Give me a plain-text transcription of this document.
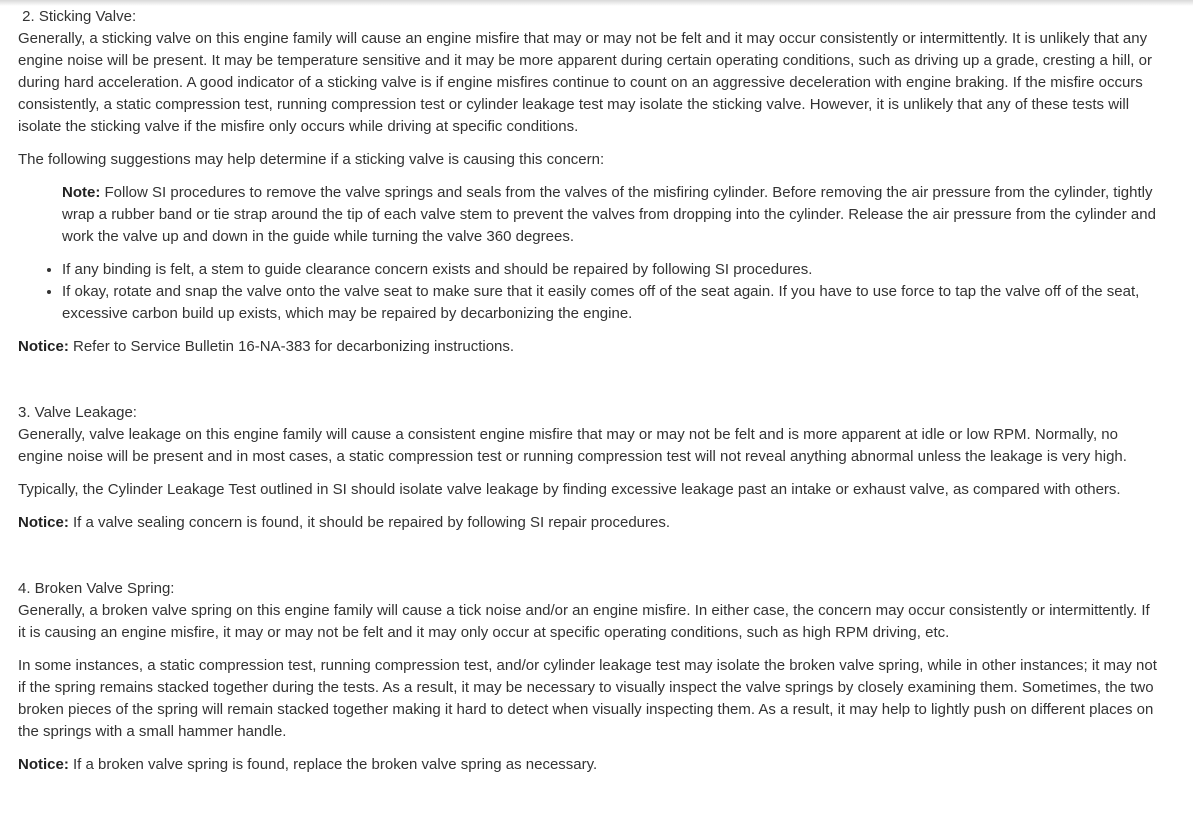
2. Sticking Valve:

Generally, a sticking valve on this engine family will cause an engine misfire that may or may not be felt and it may occur consistently or intermittently. It is unlikely that any engine noise will be present. It may be temperature sensitive and it may be more apparent during certain operating conditions, such as driving up a grade, cresting a hill, or during hard acceleration. A good indicator of a sticking valve is if engine misfires continue to count on an aggressive deceleration with engine braking. If the misfire occurs consistently, a static compression test, running compression test or cylinder leakage test may isolate the sticking valve. However, it is unlikely that any of these tests will isolate the sticking valve if the misfire only occurs while driving at specific conditions.

The following suggestions may help determine if a sticking valve is causing this concern:

Note: Follow SI procedures to remove the valve springs and seals from the valves of the misfiring cylinder. Before removing the air pressure from the cylinder, tightly wrap a rubber band or tie strap around the tip of each valve stem to prevent the valves from dropping into the cylinder. Release the air pressure from the cylinder and work the valve up and down in the guide while turning the valve 360 degrees.
• If any binding is felt, a stem to guide clearance concern exists and should be repaired by following SI procedures.
• If okay, rotate and snap the valve onto the valve seat to make sure that it easily comes off of the seat again. If you have to use force to tap the valve off of the seat, excessive carbon build up exists, which may be repaired by decarbonizing the engine.

Notice: Refer to Service Bulletin 16-NA-383 for decarbonizing instructions.

3. Valve Leakage:

Generally, valve leakage on this engine family will cause a consistent engine misfire that may or may not be felt and is more apparent at idle or low RPM. Normally, no engine noise will be present and in most cases, a static compression test or running compression test will not reveal anything abnormal unless the leakage is very high.

Typically, the Cylinder Leakage Test outlined in SI should isolate valve leakage by finding excessive leakage past an intake or exhaust valve, as compared with others.

Notice: If a valve sealing concern is found, it should be repaired by following SI repair procedures.

4. Broken Valve Spring:

Generally, a broken valve spring on this engine family will cause a tick noise and/or an engine misfire. In either case, the concern may occur consistently or intermittently. If it is causing an engine misfire, it may or may not be felt and it may only occur at specific operating conditions, such as high RPM driving, etc.

In some instances, a static compression test, running compression test, and/or cylinder leakage test may isolate the broken valve spring, while in other instances; it may not if the spring remains stacked together during the tests. As a result, it may be necessary to visually inspect the valve springs by closely examining them. Sometimes, the two broken pieces of the spring will remain stacked together making it hard to detect when visually inspecting them. As a result, it may help to lightly push on different places on the springs with a small hammer handle.

Notice: If a broken valve spring is found, replace the broken valve spring as necessary.
